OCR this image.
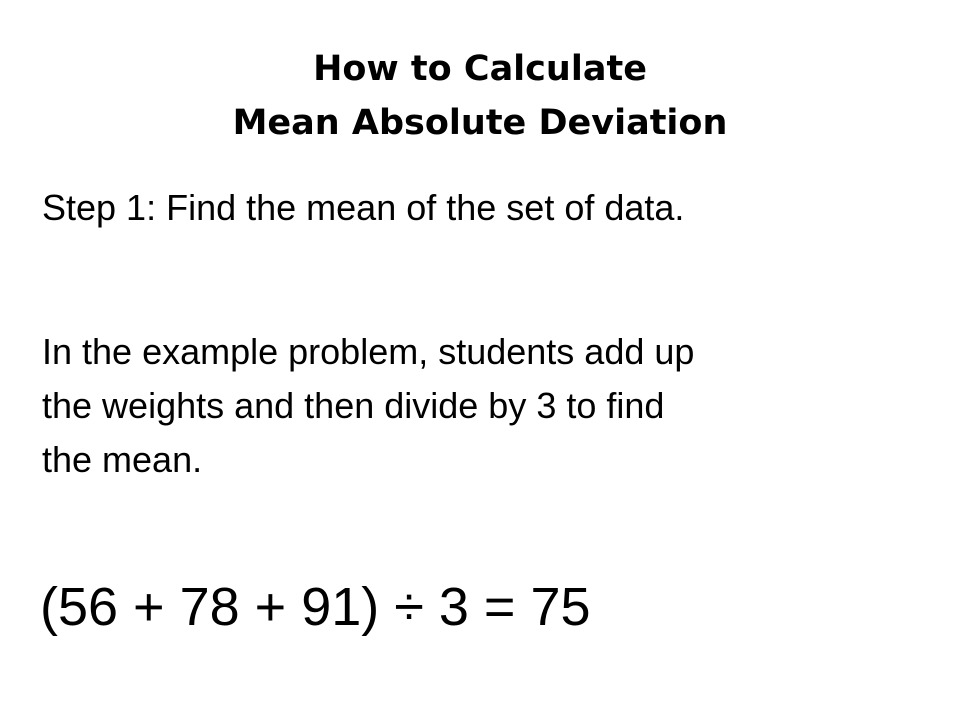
How to Calculate
Mean Absolute Deviation

Step 1: Find the mean of the set of data.

In the example problem, students add up
the weights and then divide by 3 to find
the mean.

(56 + 78 + 91) ÷ 3 = 75
